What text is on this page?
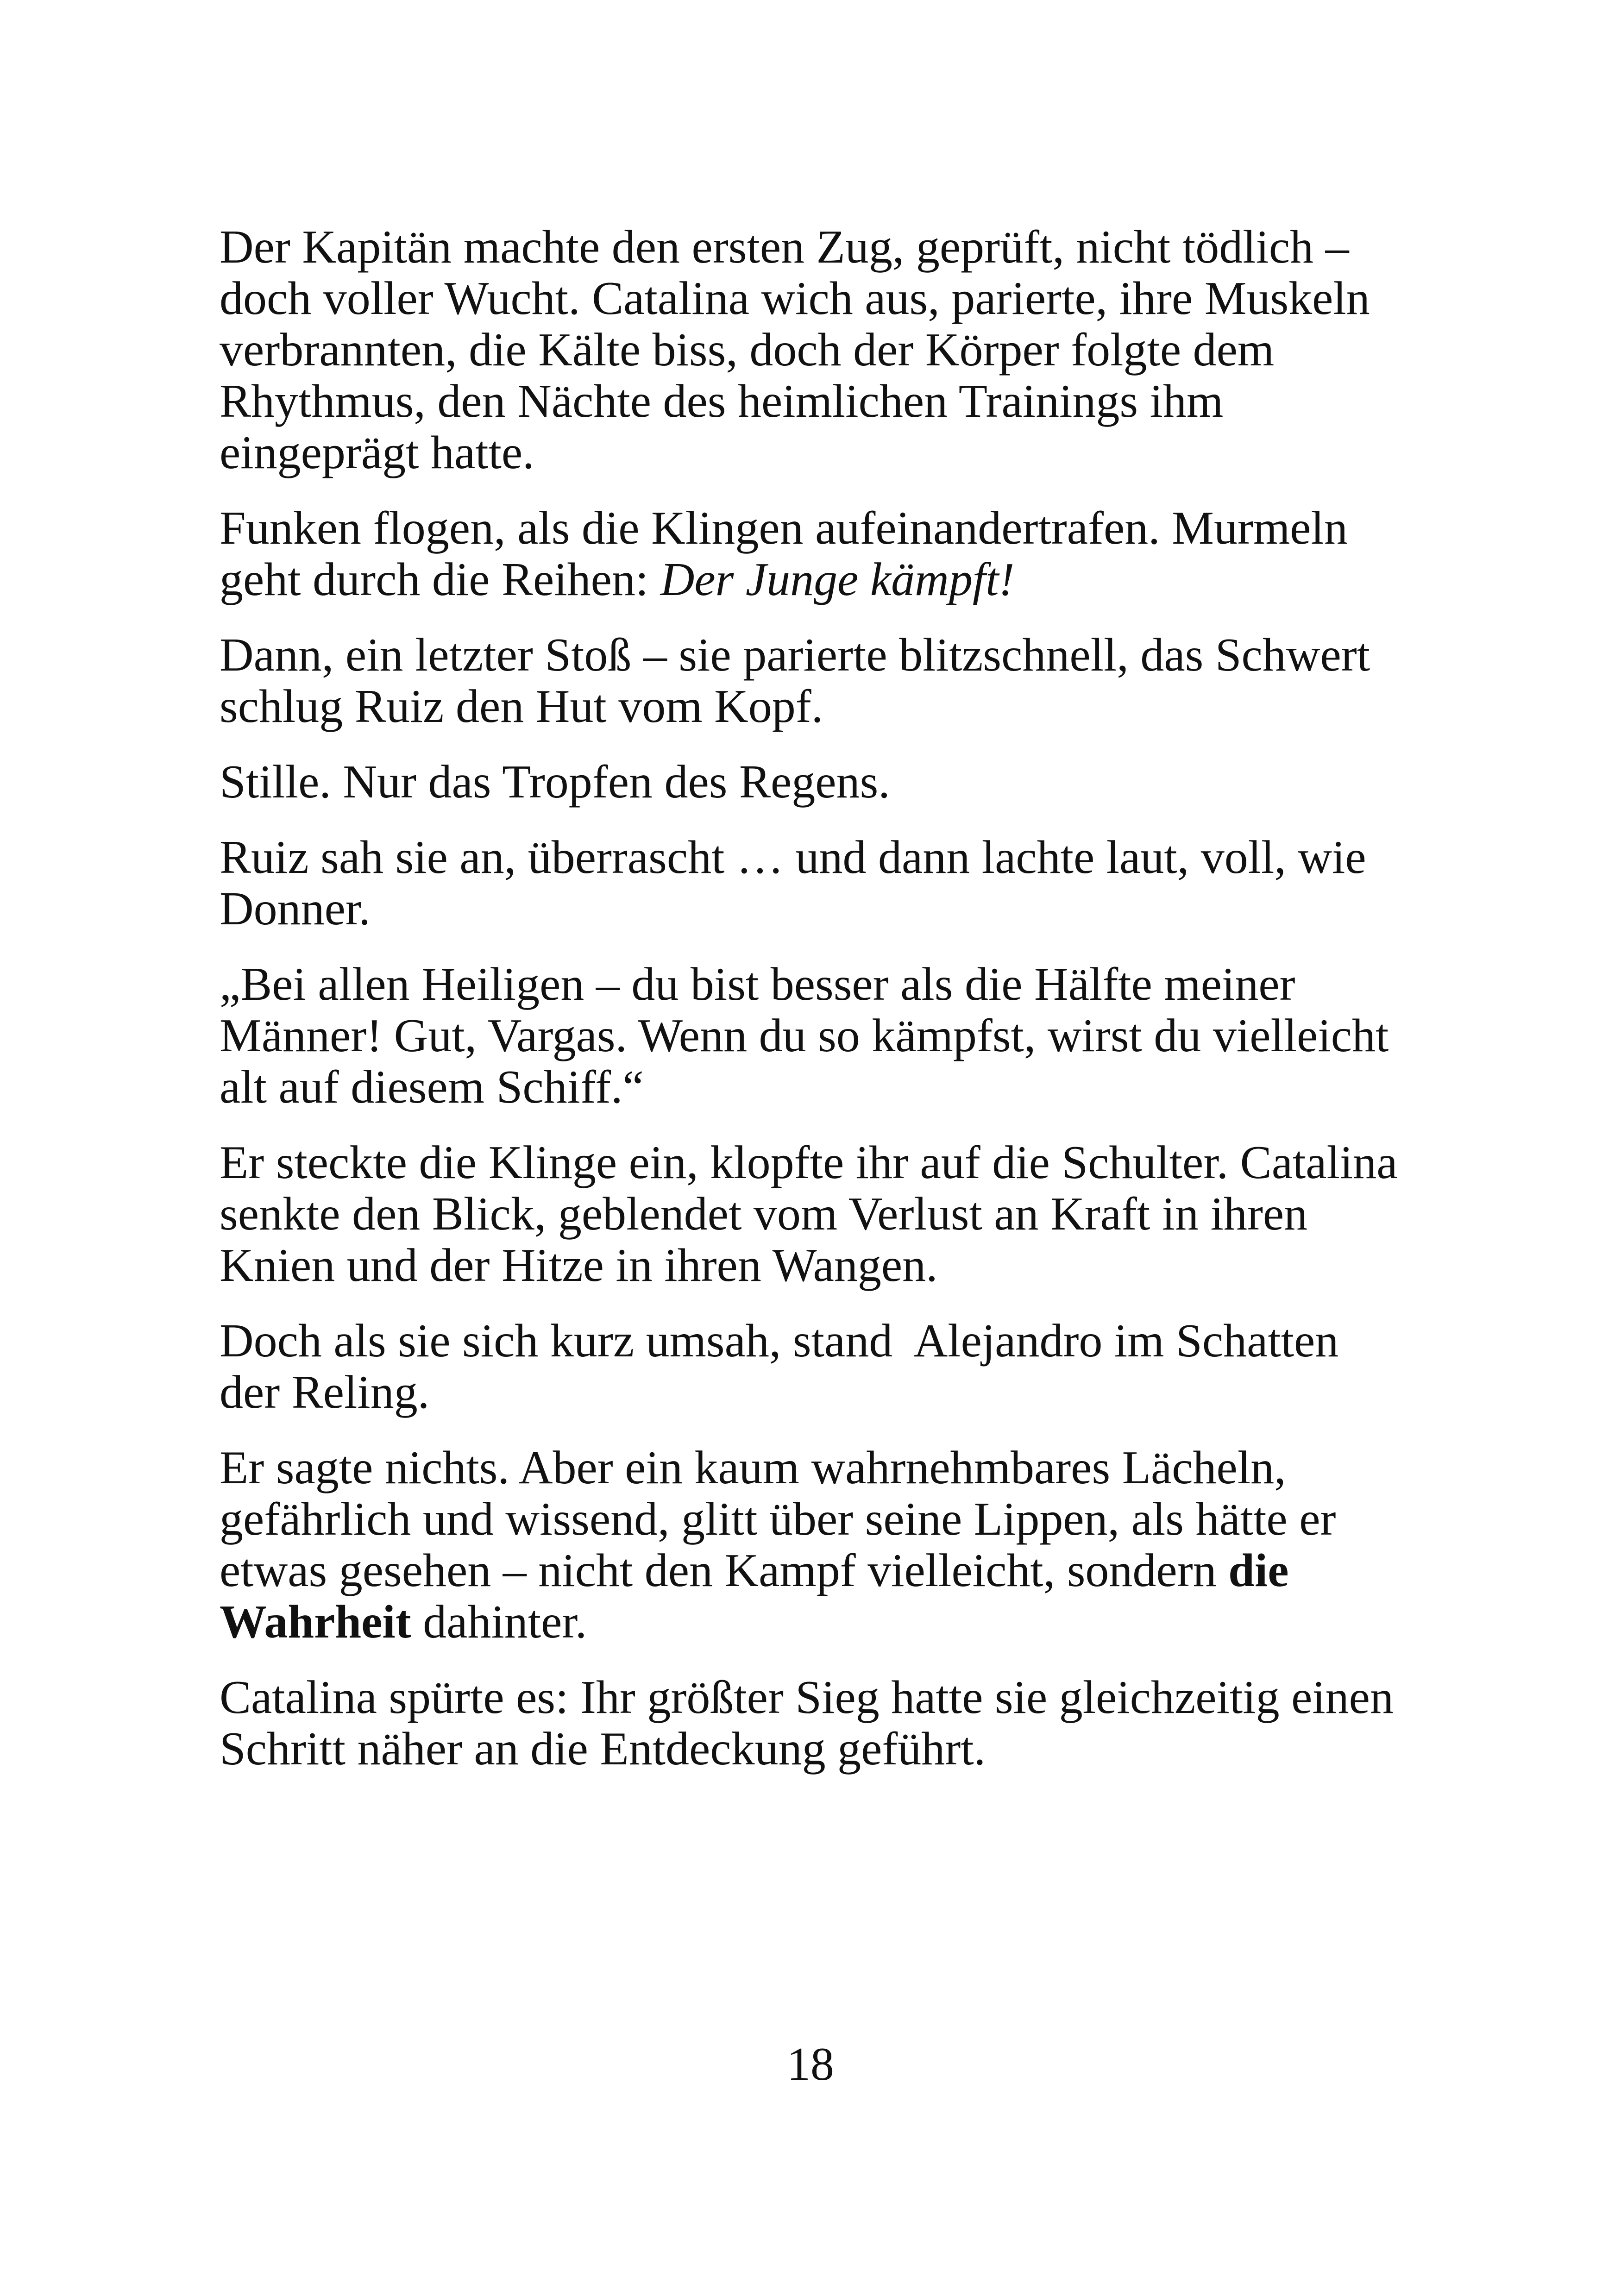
Der Kapitän machte den ersten Zug, geprüft, nicht tödlich – doch voller Wucht. Catalina wich aus, parierte, ihre Muskeln verbrannten, die Kälte biss, doch der Körper folgte dem Rhythmus, den Nächte des heimlichen Trainings ihm eingeprägt hatte.

Funken flogen, als die Klingen aufeinandertrafen. Murmeln geht durch die Reihen: Der Junge kämpft!

Dann, ein letzter Stoß – sie parierte blitzschnell, das Schwert schlug Ruiz den Hut vom Kopf.

Stille. Nur das Tropfen des Regens.

Ruiz sah sie an, überrascht … und dann lachte laut, voll, wie Donner.

„Bei allen Heiligen – du bist besser als die Hälfte meiner Männer! Gut, Vargas. Wenn du so kämpfst, wirst du vielleicht alt auf diesem Schiff.“

Er steckte die Klinge ein, klopfte ihr auf die Schulter. Catalina senkte den Blick, geblendet vom Verlust an Kraft in ihren Knien und der Hitze in ihren Wangen.

Doch als sie sich kurz umsah, stand  Alejandro im Schatten der Reling.

Er sagte nichts. Aber ein kaum wahrnehmbares Lächeln, gefährlich und wissend, glitt über seine Lippen, als hätte er etwas gesehen – nicht den Kampf vielleicht, sondern die Wahrheit dahinter.

Catalina spürte es: Ihr größter Sieg hatte sie gleichzeitig einen Schritt näher an die Entdeckung geführt.

18
